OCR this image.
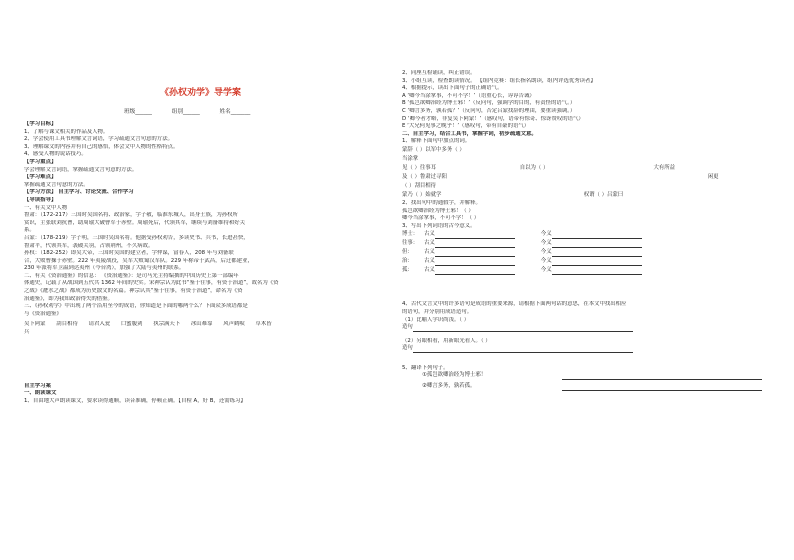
《孙权劝学》导学案
班级______	组别______	姓名_______
【学习目标】
1、了解与课文相关的作品及人物。
2、学会使用工具书理解文言词语，学习疏通文言句意的方法。
3、理解课文的内容并有自己的感悟，体会文中人物的性格特点。
4、感受人物的说话技巧。
【学习重点】
学会理解文言词语，掌握疏通文言句意的方法。
【学习难点】
掌握疏通文言句意的方法。
【学习方法】 自主学习、讨论交流、合作学习
【导读指导】
一、有关文中人物
鲁肃：（172-217）三国时吴国名将、政治家，字子敬，临淮东城人，出身士族，为孙权所
赏识，主张联刘抗曹，助周瑜大破曹军于赤壁。周瑜死后，代领其军，继续与刘备维持和好关
系。
吕蒙：（178-219）字子明，三国时吴国名将。他据受孙权劝告，多读史书、兵书，长进甚快，
鲁肃平，代领其军，袭破关羽，占领荆州，不久病故。
孙权：（182-252）即吴大帝，三国时吴国的建立者，字仲谋，富春人，208 年与刘备联
合，大败曹操于赤壁。222 年夷陵战役，吴军大败蜀汉军队。229 年称帝于武昌，后迁都建业，
230 年派将军卫温到达夷州（今台湾），加强了大陆与夷州的联系。
二、有关《资治通鉴》的信息： 《资治通鉴》：是司马光主持编撰的中国历史上第一部编年
体通史，记载了从战国到五代共 1362 年间的史实。宋神宗认为此书“鉴于往事，有资于治道”，故名为《资
之战》《淝水之战》都成为历史散文的名篇。神宗认其“鉴于往事，有资于治道”，命名为《资
治通鉴》，即为我知政治得失的借鉴。
三、《孙权劝学》中出现了两个沿用至今的成语，你知道是下面的哪两个么？下面众多成语都是
与《资治通鉴》
吴下阿蒙 刮目相待 请君入瓮 口蜜腹剑 执宗满天下 冰山难靠 风声鹤唳 草木皆
兵
自主学习案
一、朗读课文
1、自由地大声朗读课文，要求读得通顺，读音准确，停顿正确。【自检 A，好 B，还需练习】
2、同座互检诵读，纠正错误。
3、小组互读，检查朗读情况。 【组内竞赛：组长指名朗读，组内评选优秀读者】
4、根据提示，读出下面句子的正确语气。
A ‘卿今当涂掌事，不可不学！’（语重心长，谆谆告诫）
B ‘孤岂欲卿治经为博士邪！’（反问句，强调学的目的，有责怪的语气。）
C ‘卿言多务，孰若孤？’（反问句，否定吕蒙找辞的理由，要重读强调。）
D ‘卿今者才略，非复吴下阿蒙！’（感叹句，语带有惊奇、惊讶赞叹的语气）
E ‘大兄何见事之晚乎！’（感叹句，带有自豪的语气）
二、自主学习，结合工具书，掌握字词，初步疏通文意。
1、解释下面句中加点的词。
蒙辞（ ）以军中多务（ ）
当涂掌
见（ ）往事耳	自以为（ ）	大有所益
及（ ）鲁肃过寻阳	闲更
（ ）刮目相待
蒙乃（ ）始就学	权谓（ ）吕蒙曰
2、找出句中的通假字，并解释。
孤岂欲卿治经为博士邪！（ ）
卿今当涂掌事，不可不学！（ ）
3、写出下列词语的古今意义。
博士：	古义	今义
往事：	古义	今义
但：	古义	今义
治：	古义	今义
孤：	古义	今义
4、古代文言文中的许多语句是成语的重要来源，请根据下面两句话的意思，在本文中找出相应
的语句，并分别用成语造句。
（1）比喻人学识尚浅。（ ）
造句
（2）另眼相看，用新眼光看人。（ ）
造句
5、翻译下列句子。
①孤岂欲卿治经为博士邪！
②卿言多务，孰若孤。
